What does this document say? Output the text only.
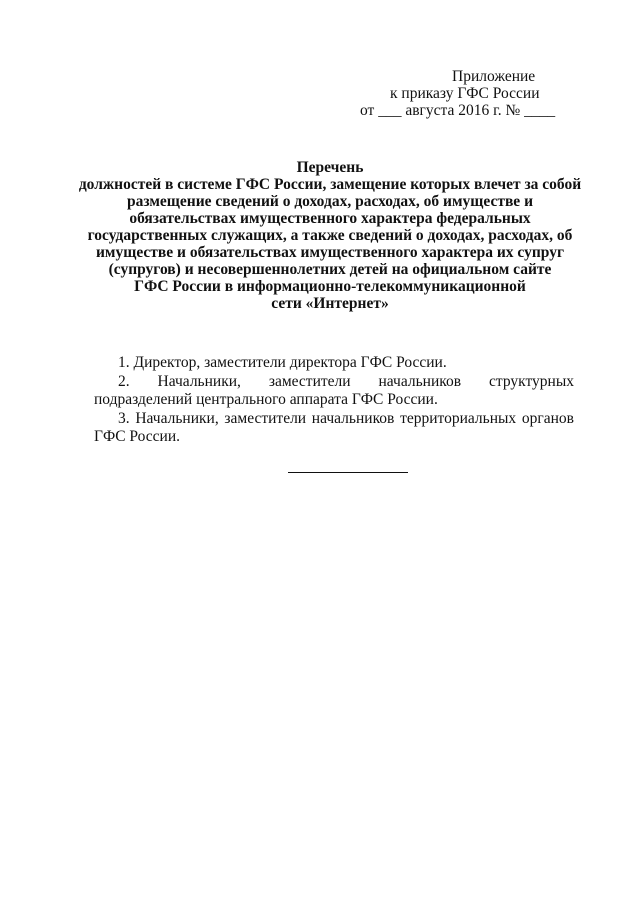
Приложение
к приказу ГФС России
от ___ августа 2016 г. № ____
Перечень
должностей в системе ГФС России, замещение которых влечет за собой
размещение сведений о доходах, расходах, об имуществе и
обязательствах имущественного характера федеральных
государственных служащих, а также сведений о доходах, расходах, об
имуществе и обязательствах имущественного характера их супруг
(супругов) и несовершеннолетних детей на официальном сайте
ГФС России в информационно-телекоммуникационной
сети «Интернет»

1. Директор, заместители директора ГФС России.

2. Начальники, заместители начальников структурных подразделений центрального аппарата ГФС России.

3. Начальники, заместители начальников территориальных органов ГФС России.
